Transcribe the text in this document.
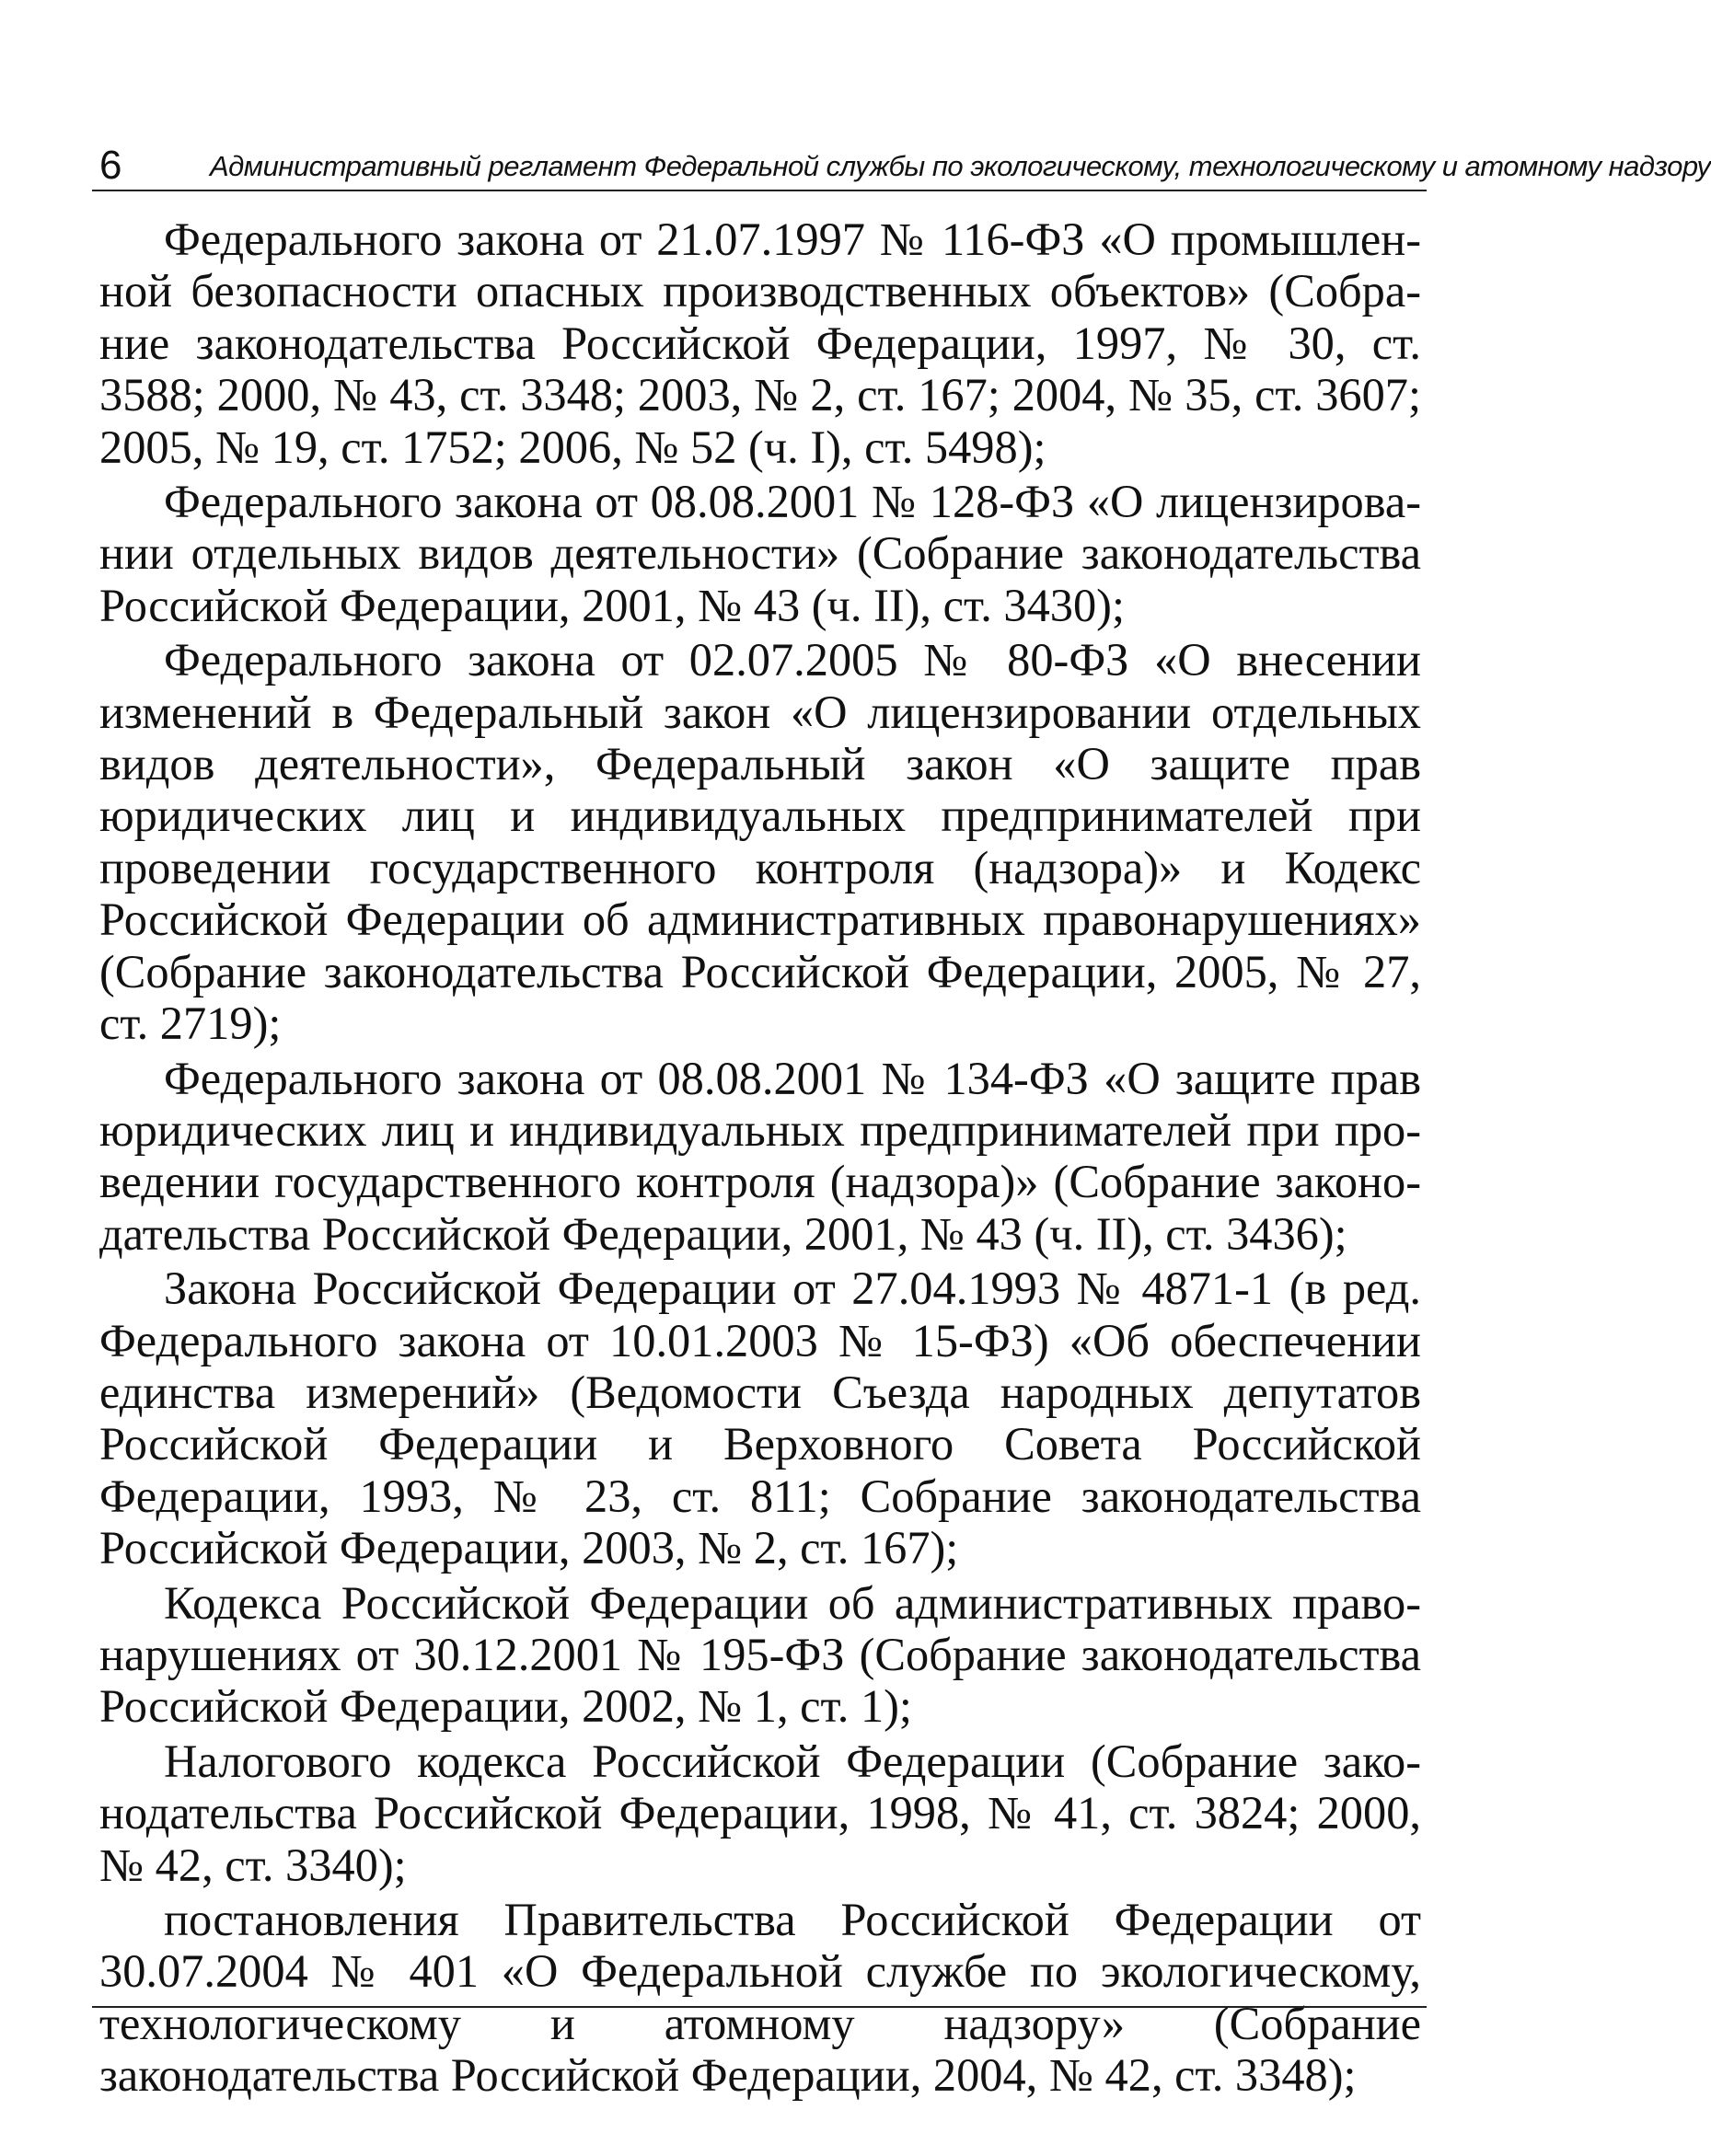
6	Административный регламент Федеральной службы по экологическому, технологическому и атомному надзору

Федерального закона от 21.07.1997 № 116-ФЗ «О промышленной безопасности опасных производственных объектов» (Собрание законодательства Российской Федерации, 1997, № 30, ст. 3588; 2000, № 43, ст. 3348; 2003, № 2, ст. 167; 2004, № 35, ст. 3607; 2005, № 19, ст. 1752; 2006, № 52 (ч. I), ст. 5498);

Федерального закона от 08.08.2001 № 128-ФЗ «О лицензировании отдельных видов деятельности» (Собрание законодательства Российской Федерации, 2001, № 43 (ч. II), ст. 3430);

Федерального закона от 02.07.2005 № 80-ФЗ «О внесении изменений в Федеральный закон «О лицензировании отдельных видов деятельности», Федеральный закон «О защите прав юридических лиц и индивидуальных предпринимателей при проведении государственного контроля (надзора)» и Кодекс Российской Федерации об административных правонарушениях» (Собрание законодательства Российской Федерации, 2005, № 27, ст. 2719);

Федерального закона от 08.08.2001 № 134-ФЗ «О защите прав юридических лиц и индивидуальных предпринимателей при проведении государственного контроля (надзора)» (Собрание законодательства Российской Федерации, 2001, № 43 (ч. II), ст. 3436);

Закона Российской Федерации от 27.04.1993 № 4871-1 (в ред. Федерального закона от 10.01.2003 № 15-ФЗ) «Об обеспечении единства измерений» (Ведомости Съезда народных депутатов Российской Федерации и Верховного Совета Российской Федерации, 1993, № 23, ст. 811; Собрание законодательства Российской Федерации, 2003, № 2, ст. 167);

Кодекса Российской Федерации об административных правонарушениях от 30.12.2001 № 195-ФЗ (Собрание законодательства Российской Федерации, 2002, № 1, ст. 1);

Налогового кодекса Российской Федерации (Собрание законодательства Российской Федерации, 1998, № 41, ст. 3824; 2000, № 42, ст. 3340);

постановления Правительства Российской Федерации от 30.07.2004 № 401 «О Федеральной службе по экологическому, технологическому и атомному надзору» (Собрание законодательства Российской Федерации, 2004, № 42, ст. 3348);
